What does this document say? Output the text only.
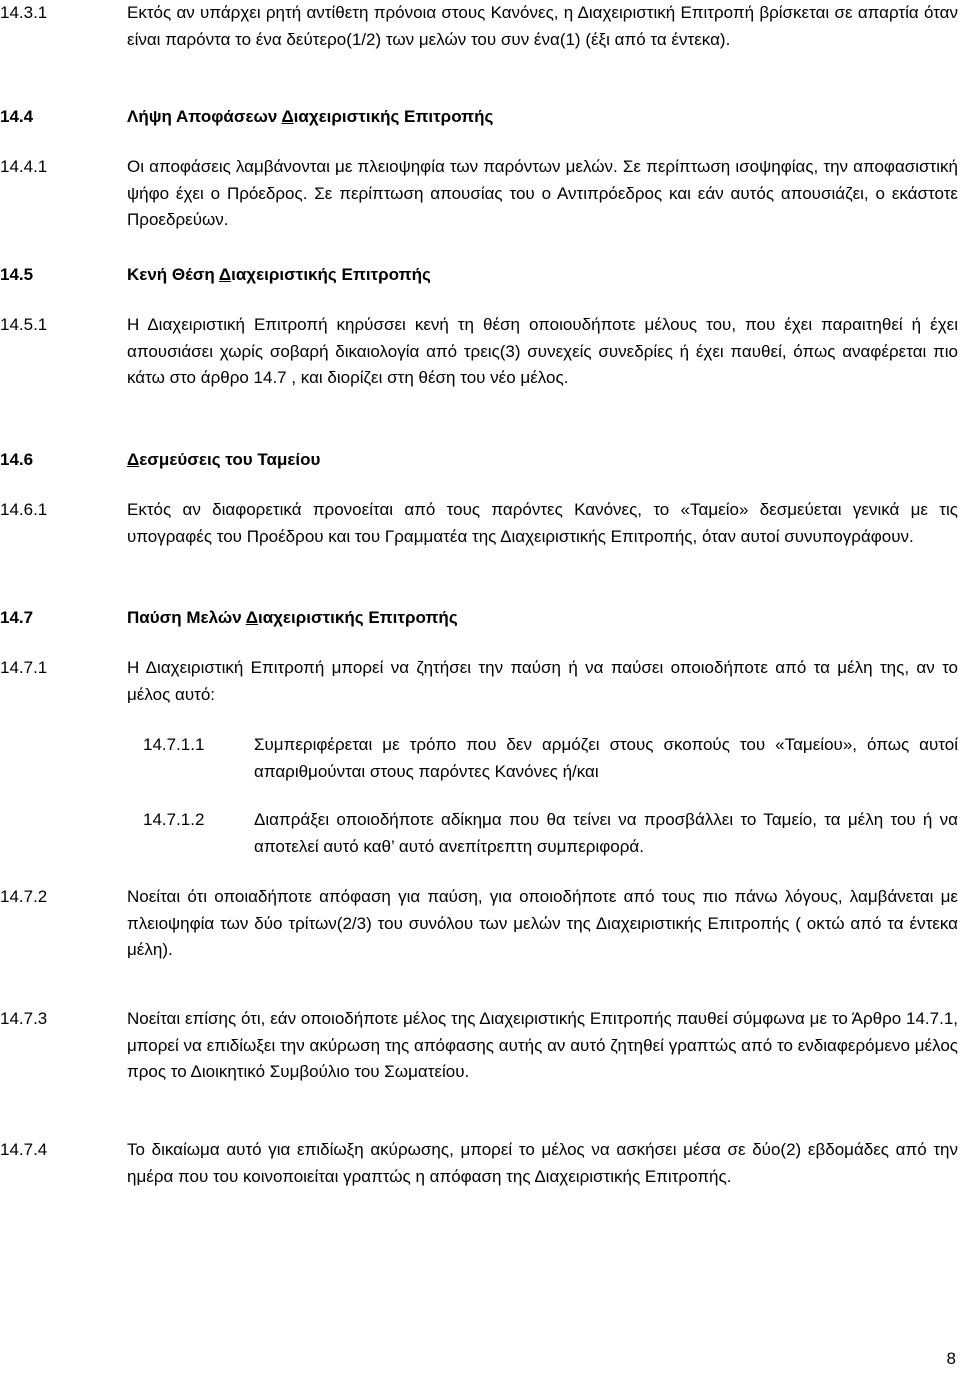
14.3.1	Εκτός αν υπάρχει ρητή αντίθετη πρόνοια στους Κανόνες, η Διαχειριστική Επιτροπή βρίσκεται σε απαρτία όταν είναι παρόντα το ένα δεύτερο(1/2) των μελών του συν ένα(1) (έξι από τα έντεκα).
14.4	Λήψη Αποφάσεων Διαχειριστικής Επιτροπής
14.4.1	Οι αποφάσεις λαμβάνονται με πλειοψηφία των παρόντων μελών. Σε περίπτωση ισοψηφίας, την αποφασιστική ψήφο έχει ο Πρόεδρος. Σε περίπτωση απουσίας του ο Αντιπρόεδρος και εάν αυτός απουσιάζει, ο εκάστοτε Προεδρεύων.
14.5	Κενή Θέση Διαχειριστικής Επιτροπής
14.5.1	Η Διαχειριστική Επιτροπή κηρύσσει κενή τη θέση οποιουδήποτε μέλους του, που έχει παραιτηθεί ή έχει απουσιάσει χωρίς σοβαρή δικαιολογία από τρεις(3) συνεχείς συνεδρίες ή έχει παυθεί, όπως αναφέρεται πιο κάτω στο άρθρο 14.7 , και διορίζει στη θέση του νέο μέλος.
14.6	Δεσμεύσεις του Ταμείου
14.6.1	Εκτός αν διαφορετικά προνοείται από τους παρόντες Κανόνες, το «Ταμείο» δεσμεύεται γενικά με τις υπογραφές του Προέδρου και του Γραμματέα της Διαχειριστικής Επιτροπής, όταν αυτοί συνυπογράφουν.
14.7	Παύση Μελών Διαχειριστικής Επιτροπής
14.7.1	Η Διαχειριστική Επιτροπή μπορεί να ζητήσει την παύση ή να παύσει οποιοδήποτε από τα μέλη της, αν το μέλος αυτό:
14.7.1.1	Συμπεριφέρεται με τρόπο που δεν αρμόζει στους σκοπούς του «Ταμείου», όπως αυτοί απαριθμούνται στους παρόντες Κανόνες ή/και
14.7.1.2	Διαπράξει οποιοδήποτε αδίκημα που θα τείνει να προσβάλλει το Ταμείο, τα μέλη του ή να αποτελεί αυτό καθ’ αυτό ανεπίτρεπτη συμπεριφορά.
14.7.2	Νοείται ότι οποιαδήποτε απόφαση για παύση, για οποιοδήποτε από τους πιο πάνω λόγους, λαμβάνεται με πλειοψηφία των δύο τρίτων(2/3) του συνόλου των μελών της Διαχειριστικής Επιτροπής ( οκτώ από τα έντεκα μέλη).
14.7.3	Νοείται επίσης ότι, εάν οποιοδήποτε μέλος της Διαχειριστικής Επιτροπής παυθεί σύμφωνα με το Άρθρο 14.7.1, μπορεί να επιδίωξει την ακύρωση της απόφασης αυτής αν αυτό ζητηθεί γραπτώς από το ενδιαφερόμενο μέλος προς το Διοικητικό Συμβούλιο του Σωματείου.
14.7.4	Το δικαίωμα αυτό για επιδίωξη ακύρωσης, μπορεί το μέλος να ασκήσει μέσα σε δύο(2) εβδομάδες από την ημέρα που του κοινοποιείται γραπτώς η απόφαση της Διαχειριστικής Επιτροπής.
8
